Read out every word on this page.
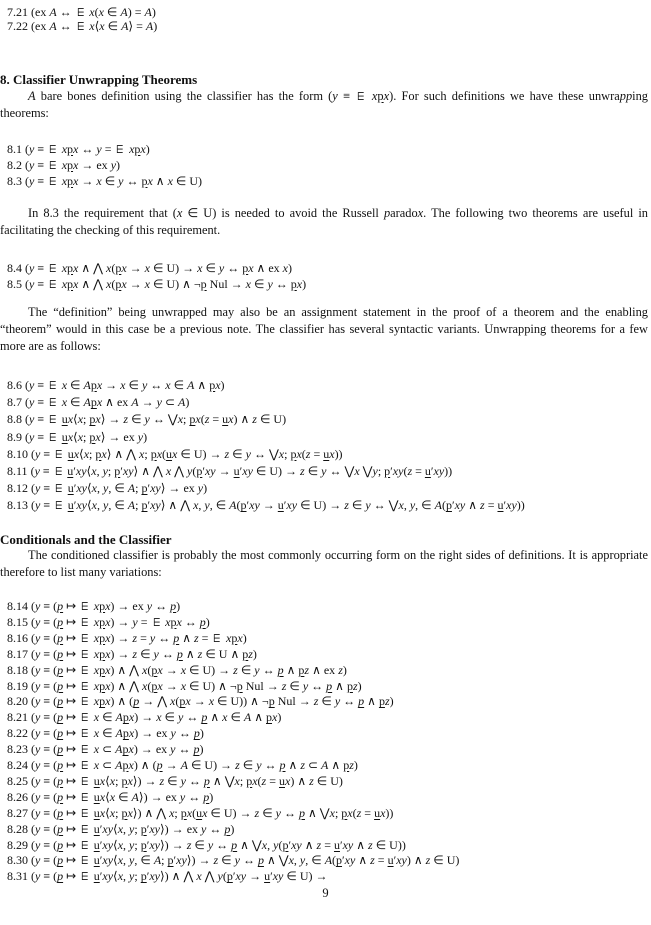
7.21 (ex A ↔ ⋿ x(x ∈ A) = A)
7.22 (ex A ↔ ⋿ x⟨x ∈ A⟩ = A)
8. Classifier Unwrapping Theorems
A bare bones definition using the classifier has the form (y ≡ ⋿ xpx). For such definitions we have these unwrapping theorems:
8.1 (y ≡ ⋿ xpx ↔ y = ⋿ xpx)
8.2 (y ≡ ⋿ xpx → ex y)
8.3 (y ≡ ⋿ xpx → x ∈ y ↔ px ∧ x ∈ U)
In 8.3 the requirement that (x ∈ U) is needed to avoid the Russell paradox. The following two theorems are useful in facilitating the checking of this requirement.
8.4 (y ≡ ⋿ xpx ∧ ⋀ x(px → x ∈ U) → x ∈ y ↔ px ∧ ex x)
8.5 (y ≡ ⋿ xpx ∧ ⋀ x(px → x ∈ U) ∧ ¬p Nul → x ∈ y ↔ px)
The “definition” being unwrapped may also be an assignment statement in the proof of a theorem and the enabling “theorem” would in this case be a previous note. The classifier has several syntactic variants. Unwrapping theorems for a few more are as follows:
8.6 (y ≡ ⋿ x ∈ Apx → x ∈ y ↔ x ∈ A ∧ px)
8.7 (y ≡ ⋿ x ∈ Apx ∧ ex A → y ⊂ A)
8.8 (y ≡ ⋿ ux⟨x; px⟩ → z ∈ y ↔ ⋁x; px(z = ux) ∧ z ∈ U)
8.9 (y ≡ ⋿ ux⟨x; px⟩ → ex y)
8.10 (y ≡ ⋿ ux⟨x; px⟩ ∧ ⋀ x; px(ux ∈ U) → z ∈ y ↔ ⋁x; px(z = ux))
8.11 (y ≡ ⋿ u′xy⟨x, y; p′xy⟩ ∧ ⋀ x ⋀ y(p′xy → u′xy ∈ U) → z ∈ y ↔ ⋁x ⋁y; p′xy(z = u′xy))
8.12 (y ≡ ⋿ u′xy⟨x, y, ∈ A; p′xy⟩ → ex y)
8.13 (y ≡ ⋿ u′xy⟨x, y, ∈ A; p′xy⟩ ∧ ⋀ x, y, ∈ A(p′xy → u′xy ∈ U) → z ∈ y ↔ ⋁x, y, ∈ A(p′xy ∧ z = u′xy))
Conditionals and the Classifier
The conditioned classifier is probably the most commonly occurring form on the right sides of definitions. It is appropriate therefore to list many variations:
8.14 (y ≡ (p ↦ ⋿ xpx) → ex y ↔ p)
8.15 (y ≡ (p ↦ ⋿ xpx) → y = ⋿ xpx ↔ p)
8.16 (y ≡ (p ↦ ⋿ xpx) → z = y ↔ p ∧ z = ⋿ xpx)
8.17 (y ≡ (p ↦ ⋿ xpx) → z ∈ y ↔ p ∧ z ∈ U ∧ pz)
8.18 (y ≡ (p ↦ ⋿ xpx) ∧ ⋀ x(px → x ∈ U) → z ∈ y ↔ p ∧ pz ∧ ex z)
8.19 (y ≡ (p ↦ ⋿ xpx) ∧ ⋀ x(px → x ∈ U) ∧ ¬p Nul → z ∈ y ↔ p ∧ pz)
8.20 (y ≡ (p ↦ ⋿ xpx) ∧ (p → ⋀ x(px → x ∈ U)) ∧ ¬p Nul → z ∈ y ↔ p ∧ pz)
8.21 (y ≡ (p ↦ ⋿ x ∈ Apx) → x ∈ y ↔ p ∧ x ∈ A ∧ px)
8.22 (y ≡ (p ↦ ⋿ x ∈ Apx) → ex y ↔ p)
8.23 (y ≡ (p ↦ ⋿ x ⊂ Apx) → ex y ↔ p)
8.24 (y ≡ (p ↦ ⋿ x ⊂ Apx) ∧ (p → A ∈ U) → z ∈ y ↔ p ∧ z ⊂ A ∧ pz)
8.25 (y ≡ (p ↦ ⋿ ux⟨x; px⟩) → z ∈ y ↔ p ∧ ⋁x; px(z = ux) ∧ z ∈ U)
8.26 (y ≡ (p ↦ ⋿ ux⟨x ∈ A⟩) → ex y ↔ p)
8.27 (y ≡ (p ↦ ⋿ ux⟨x; px⟩) ∧ ⋀ x; px(ux ∈ U) → z ∈ y ↔ p ∧ ⋁x; px(z = ux))
8.28 (y ≡ (p ↦ ⋿ u′xy⟨x, y; p′xy⟩) → ex y ↔ p)
8.29 (y ≡ (p ↦ ⋿ u′xy⟨x, y; p′xy⟩) → z ∈ y ↔ p ∧ ⋁x, y(p′xy ∧ z = u′xy ∧ z ∈ U))
8.30 (y ≡ (p ↦ ⋿ u′xy⟨x, y, ∈ A; p′xy⟩) → z ∈ y ↔ p ∧ ⋁x, y, ∈ A(p′xy ∧ z = u′xy) ∧ z ∈ U)
8.31 (y ≡ (p ↦ ⋿ u′xy⟨x, y; p′xy⟩) ∧ ⋀ x ⋀ y(p′xy → u′xy ∈ U) →
9
